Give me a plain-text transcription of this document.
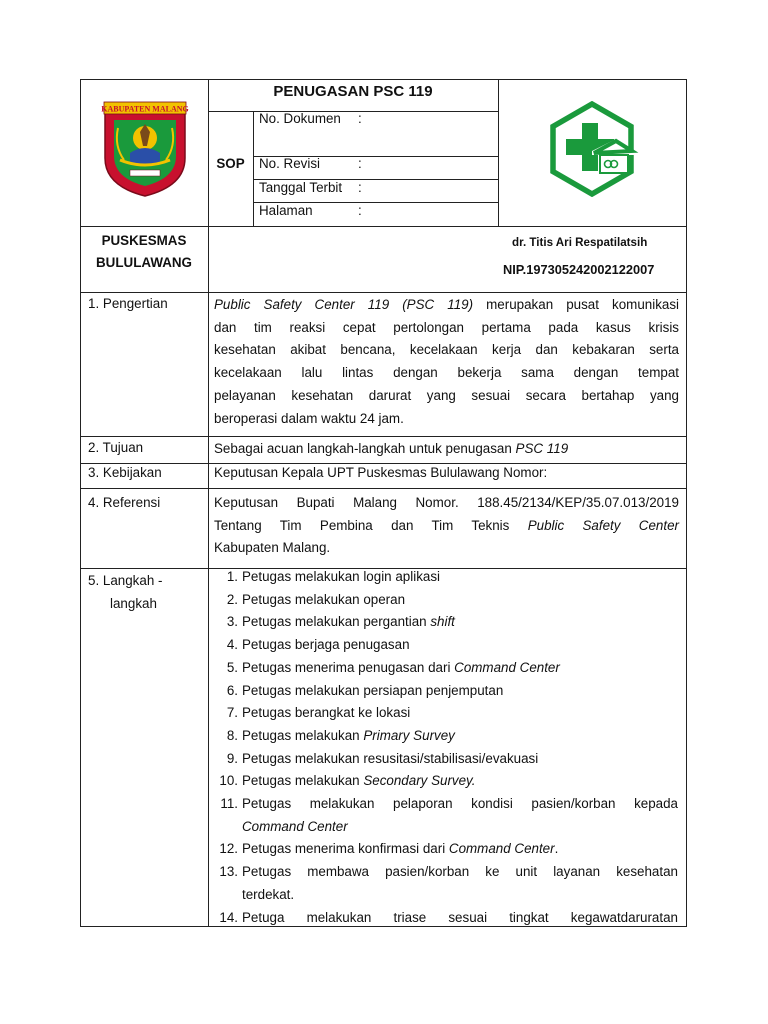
KABUPATEN MALANG
PENUGASAN PSC 119
SOP
No. Dokumen :
No. Revisi	:
Tanggal Terbit :
Halaman	:
PUSKESMAS
BULULAWANG
dr. Titis Ari Respatilatsih
NIP.197305242002122007
1. Pengertian	Public Safety Center 119 (PSC 119) merupakan pusat komunikasi
dan tim reaksi cepat pertolongan pertama pada kasus krisis
kesehatan akibat bencana, kecelakaan kerja dan kebakaran serta
kecelakaan lalu lintas dengan bekerja sama dengan tempat
pelayanan kesehatan darurat yang sesuai secara bertahap yang
beroperasi dalam waktu 24 jam.
2. Tujuan	Sebagai acuan langkah-langkah untuk penugasan PSC 119
3. Kebijakan	Keputusan Kepala UPT Puskesmas Bululawang Nomor:
4. Referensi	Keputusan Bupati Malang Nomor. 188.45/2134/KEP/35.07.013/2019
Tentang Tim Pembina dan Tim Teknis Public Safety Center
Kabupaten Malang.
5. Langkah -
langkah
1. Petugas melakukan login aplikasi
2. Petugas melakukan operan
3. Petugas melakukan pergantian shift
4. Petugas berjaga penugasan
5. Petugas menerima penugasan dari Command Center
6. Petugas melakukan persiapan penjemputan
7. Petugas berangkat ke lokasi
8. Petugas melakukan Primary Survey
9. Petugas melakukan resusitasi/stabilisasi/evakuasi
10. Petugas melakukan Secondary Survey.
11. Petugas melakukan pelaporan kondisi pasien/korban kepada
Command Center
12. Petugas menerima konfirmasi dari Command Center.
13. Petugas membawa pasien/korban ke unit layanan kesehatan
terdekat.
14. Petuga melakukan triase sesuai tingkat kegawatdaruratan
